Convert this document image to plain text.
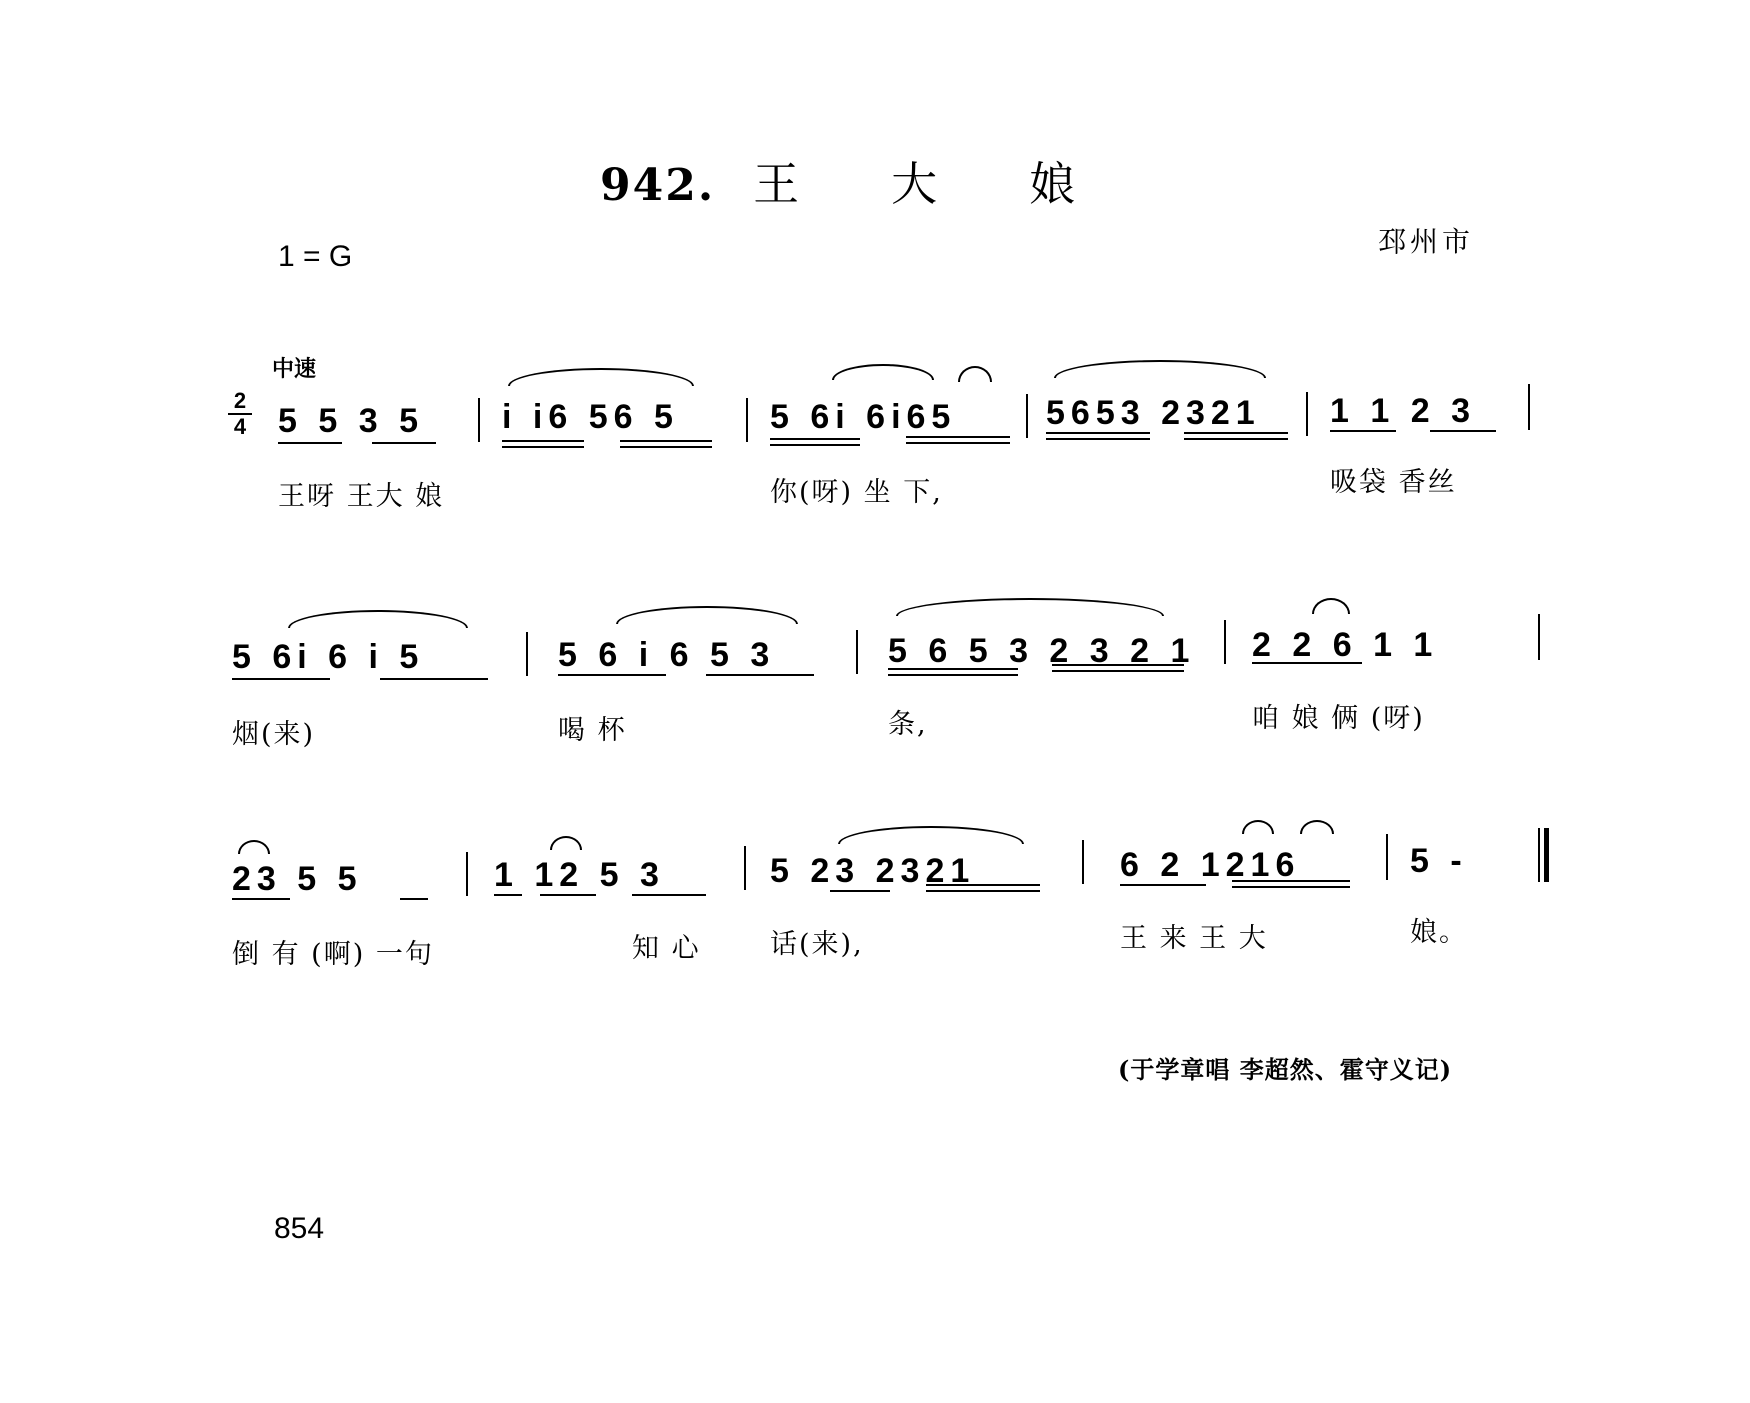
942. 王 大 娘
1 = G	邳州市
中速
2
4 5 5 3 5 i i6 56 5	5 6i 6i65	5653 2321 1 1 2 3
王呀 王大 娘	你(呀) 坐 下,	吸袋 香丝
5 6i 6 i 5	5 6 i 6 5 3	5 6 5 3 2 3 2 1 2 2 6 1 1
烟(来)	喝 杯	条,	咱 娘 俩 (呀)
23 5 5	1 12 5 3	5 23 2321	6 2 1216	5 -
倒 有 (啊) 一句	知 心	话(来),	王 来 王 大	娘。
(于学章唱 李超然、霍守义记)
854
